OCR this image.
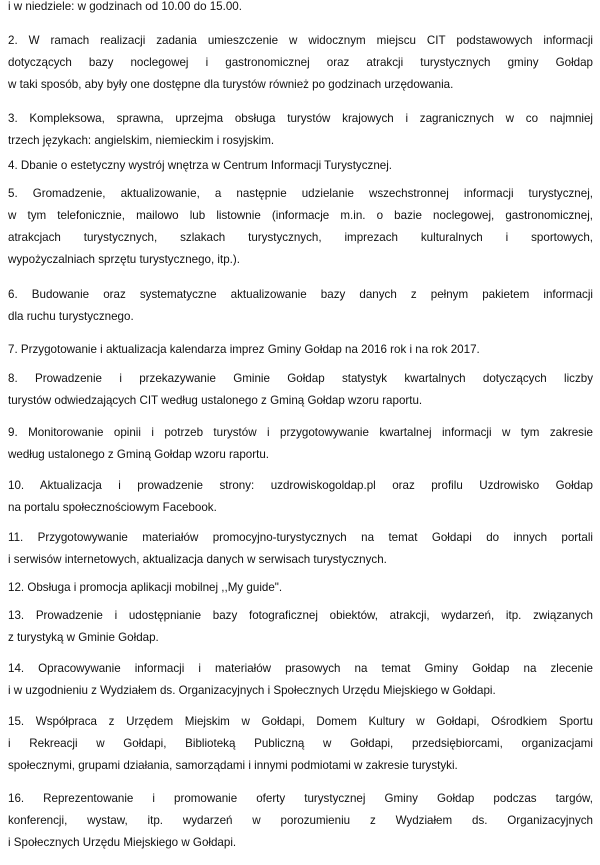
i w niedziele: w godzinach od 10.00 do 15.00.
2. W ramach realizacji zadania umieszczenie w widocznym miejscu CIT podstawowych informacji
dotyczących bazy noclegowej i gastronomicznej oraz atrakcji turystycznych gminy Gołdap
w taki sposób, aby były one dostępne dla turystów również po godzinach urzędowania.
3. Kompleksowa, sprawna, uprzejma obsługa turystów krajowych i zagranicznych w co najmniej
trzech językach: angielskim, niemieckim i rosyjskim.
4. Dbanie o estetyczny wystrój wnętrza w Centrum Informacji Turystycznej.
5. Gromadzenie, aktualizowanie, a następnie udzielanie wszechstronnej informacji turystycznej,
w tym telefonicznie, mailowo lub listownie (informacje m.in. o bazie noclegowej, gastronomicznej,
atrakcjach turystycznych, szlakach turystycznych, imprezach kulturalnych i sportowych,
wypożyczalniach sprzętu turystycznego, itp.).
6. Budowanie oraz systematyczne aktualizowanie bazy danych z pełnym pakietem informacji
dla ruchu turystycznego.
7. Przygotowanie i aktualizacja kalendarza imprez Gminy Gołdap na 2016 rok i na rok 2017.
8. Prowadzenie i przekazywanie Gminie Gołdap statystyk kwartalnych dotyczących liczby
turystów odwiedzających CIT według ustalonego z Gminą Gołdap wzoru raportu.
9. Monitorowanie opinii i potrzeb turystów i przygotowywanie kwartalnej informacji w tym zakresie
według ustalonego z Gminą Gołdap wzoru raportu.
10. Aktualizacja i prowadzenie strony: uzdrowiskogoldap.pl oraz profilu Uzdrowisko Gołdap
na portalu społecznościowym Facebook.
11. Przygotowywanie materiałów promocyjno-turystycznych na temat Gołdapi do innych portali
i serwisów internetowych, aktualizacja danych w serwisach turystycznych.
12. Obsługa i promocja aplikacji mobilnej ,,My guide".
13. Prowadzenie i udostępnianie bazy fotograficznej obiektów, atrakcji, wydarzeń, itp. związanych
z turystyką w Gminie Gołdap.
14. Opracowywanie informacji i materiałów prasowych na temat Gminy Gołdap na zlecenie
i w uzgodnieniu z Wydziałem ds. Organizacyjnych i Społecznych Urzędu Miejskiego w Gołdapi.
15. Współpraca z Urzędem Miejskim w Gołdapi, Domem Kultury w Gołdapi, Ośrodkiem Sportu
i Rekreacji w Gołdapi, Biblioteką Publiczną w Gołdapi, przedsiębiorcami, organizacjami
społecznymi, grupami działania, samorządami i innymi podmiotami w zakresie turystyki.
16. Reprezentowanie i promowanie oferty turystycznej Gminy Gołdap podczas targów,
konferencji, wystaw, itp. wydarzeń w porozumieniu z Wydziałem ds. Organizacyjnych
i Społecznych Urzędu Miejskiego w Gołdapi.
